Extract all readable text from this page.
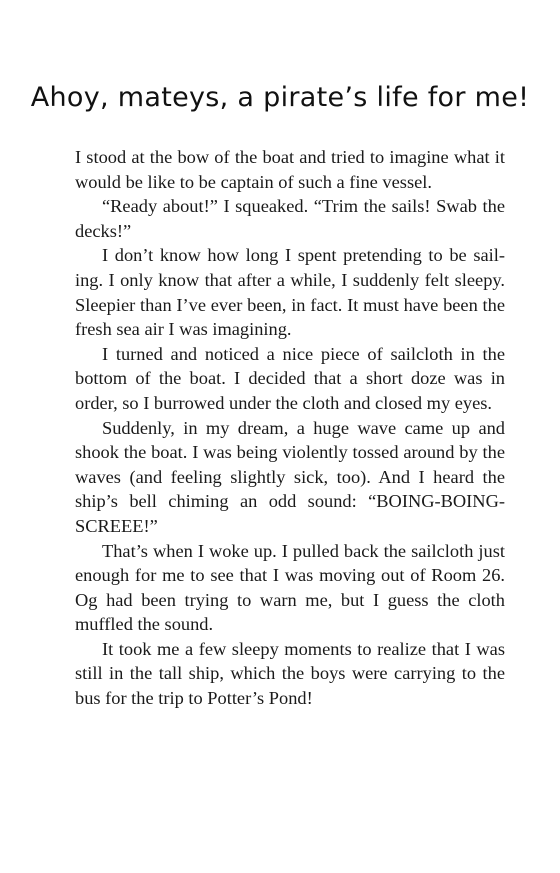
Ahoy, mateys, a pirate’s life for me!

I stood at the bow of the boat and tried to imagine what it would be like to be captain of such a fine vessel.

“Ready about!” I squeaked. “Trim the sails! Swab the decks!”

I don’t know how long I spent pretending to be sailing. I only know that after a while, I suddenly felt sleepy. Sleepier than I’ve ever been, in fact. It must have been the fresh sea air I was imagining.

I turned and noticed a nice piece of sailcloth in the bottom of the boat. I decided that a short doze was in order, so I burrowed under the cloth and closed my eyes.

Suddenly, in my dream, a huge wave came up and shook the boat. I was being violently tossed around by the waves (and feeling slightly sick, too). And I heard the ship’s bell chiming an odd sound: “BOING-BOING-SCREEE!”

That’s when I woke up. I pulled back the sailcloth just enough for me to see that I was moving out of Room 26. Og had been trying to warn me, but I guess the cloth muffled the sound.

It took me a few sleepy moments to realize that I was still in the tall ship, which the boys were carrying to the bus for the trip to Potter’s Pond!
